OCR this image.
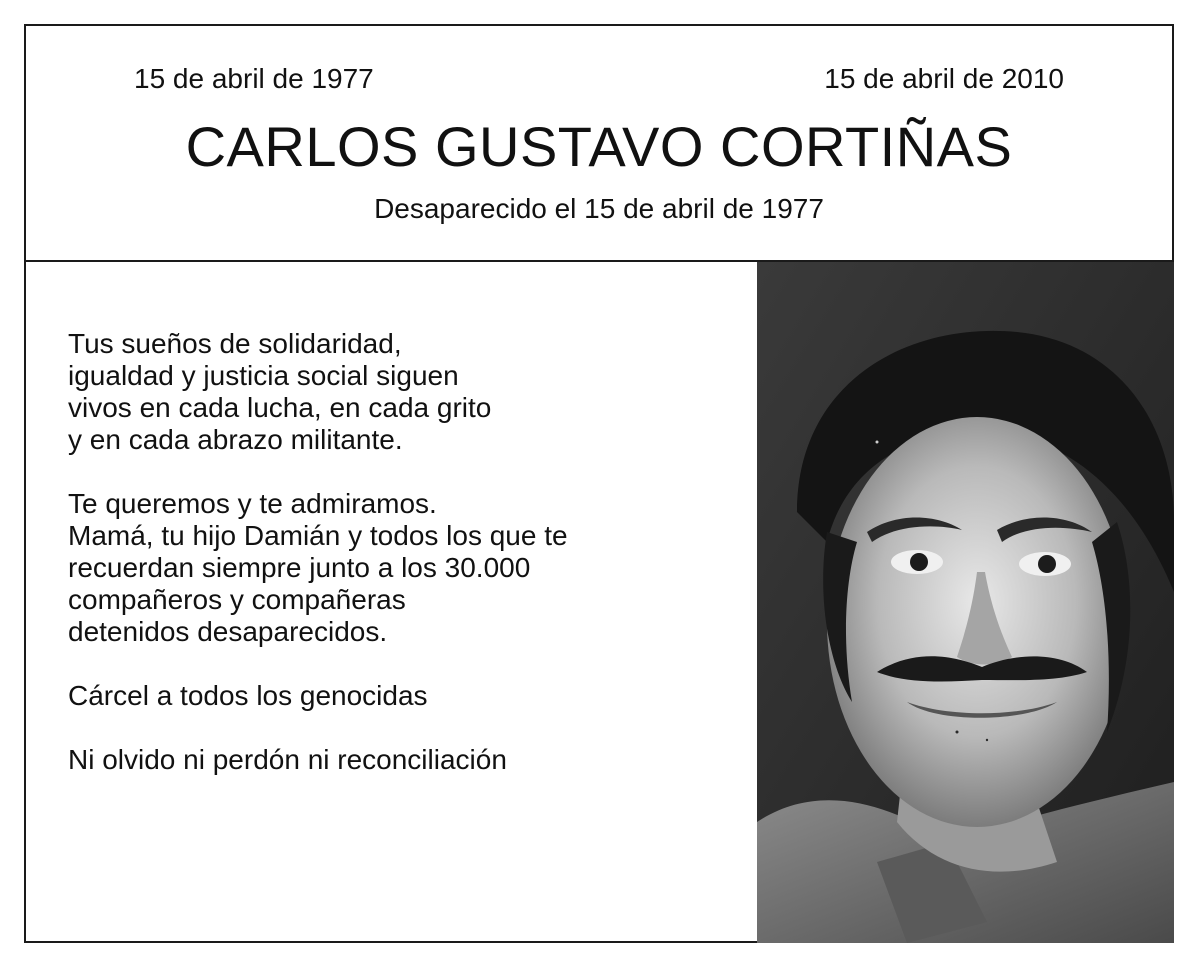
15 de abril de 1977	15 de abril de 2010
CARLOS GUSTAVO CORTIÑAS
Desaparecido el 15 de abril de 1977

Tus sueños de solidaridad,
igualdad y justicia social siguen
vivos en cada lucha, en cada grito
y en cada abrazo militante.

Te queremos y te admiramos.
Mamá, tu hijo Damián y todos los que te
recuerdan siempre junto a los 30.000
compañeros y compañeras
detenidos desaparecidos.

Cárcel a todos los genocidas

Ni olvido ni perdón ni reconciliación
